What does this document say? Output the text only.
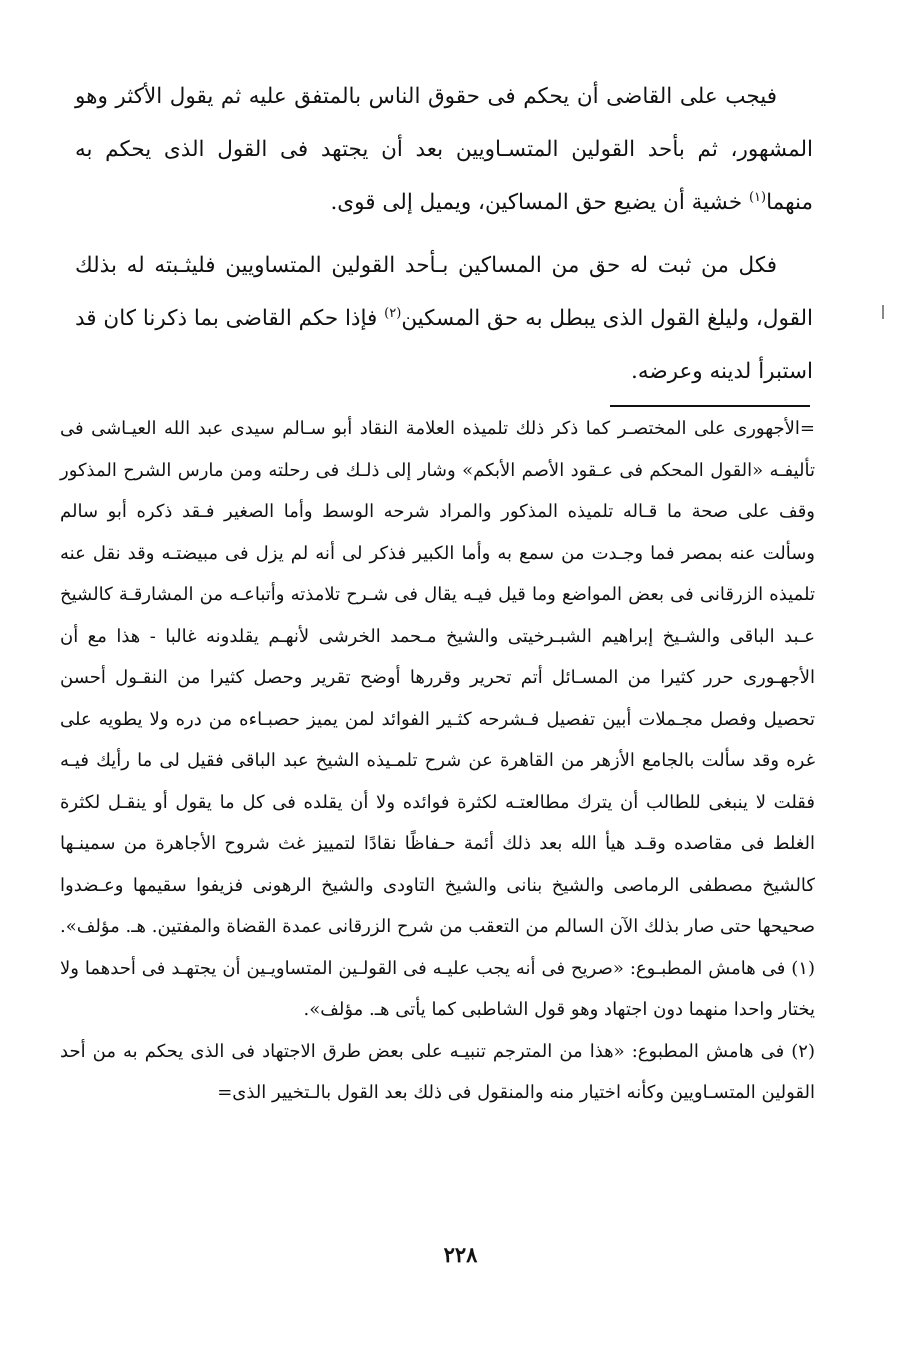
فيجب على القاضى أن يحكم فى حقوق الناس بالمتفق عليه ثم يقول الأكثر وهو المشهور، ثم بأحد القولين المتسـاويين بعد أن يجتهد فى القول الذى يحكم به منهما$^{(١)}$ خشية أن يضيع حق المساكين، ويميل إلى قوى.

فكل من ثبت له حق من المساكين بـأحد القولين المتساويين فليثـبته له بذلك القول، وليلغ القول الذى يبطل به حق المسكين$^{(٢)}$ فإذا حكم القاضى بما ذكرنا كان قد استبرأ لدينه وعرضه.

=الأجهورى على المختصـر كما ذكر ذلك تلميذه العلامة النقاد أبو سـالم سيدى عبد الله العيـاشى فى تأليفـه «القول المحكم فى عـقود الأصم الأبكم» وشار إلى ذلـك فى رحلته ومن مارس الشرح المذكور وقف على صحة ما قـاله تلميذه المذكور والمراد شرحه الوسط وأما الصغير فـقد ذكره أبو سالم وسألت عنه بمصر فما وجـدت من سمع به وأما الكبير فذكر لى أنه لم يزل فى مبيضتـه وقد نقل عنه تلميذه الزرقانى فى بعض المواضع وما قيل فيـه يقال فى شـرح تلامذته وأتباعـه من المشارقـة كالشيخ عـبد الباقى والشـيخ إبراهيم الشبـرخيتى والشيخ مـحمد الخرشى لأنهـم يقلدونه غالبا - هذا مع أن الأجهـورى حرر كثيرا من المسـائل أتم تحرير وقررها أوضح تقرير وحصل كثيرا من النقـول أحسن تحصيل وفصل مجـملات أبين تفصيل فـشرحه كثـير الفوائد لمن يميز حصبـاءه من دره ولا يطويه على غره وقد سألت بالجامع الأزهر من القاهرة عن شرح تلمـيذه الشيخ عبد الباقى فقيل لى ما رأيك فيـه فقلت لا ينبغى للطالب أن يترك مطالعتـه لكثرة فوائده ولا أن يقلده فى كل ما يقول أو ينقـل لكثرة الغلط فى مقاصده وقـد هيأ الله بعد ذلك أئمة حـفاظًا نقادًا لتمييز غث شروح الأجاهرة من سمينـها كالشيخ مصطفى الرماصى والشيخ بنانى والشيخ التاودى والشيخ الرهونى فزيفوا سقيمها وعـضدوا صحيحها حتى صار بذلك الآن السالم من التعقب من شرح الزرقانى عمدة القضاة والمفتين. هـ. مؤلف».

(١) فى هامش المطبـوع: «صريح فى أنه يجب عليـه فى القولـين المتساويـين أن يجتهـد فى أحدهما ولا يختار واحدا منهما دون اجتهاد وهو قول الشاطبى كما يأتى هـ. مؤلف».

(٢) فى هامش المطبوع: «هذا من المترجم تنبيـه على بعض طرق الاجتهاد فى الذى يحكم به من أحد القولين المتسـاويين وكأنه اختيار منه والمنقول فى ذلك بعد القول بالـتخيير الذى=

٢٢٨
